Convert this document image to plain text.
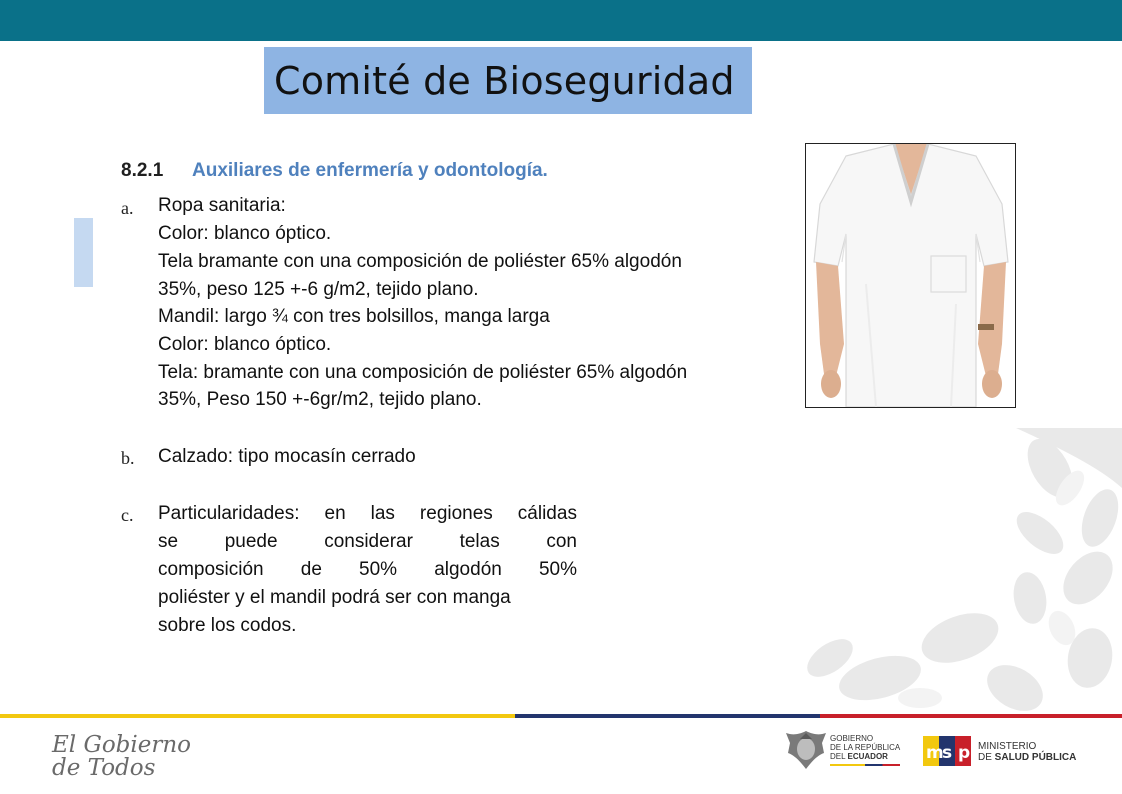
Comité de Bioseguridad
8.2.1 Auxiliares de enfermería y odontología.
a. Ropa sanitaria:
Color: blanco óptico.
Tela bramante con una composición de poliéster 65% algodón
35%, peso 125 +-6 g/m2, tejido plano.
Mandil: largo ¾ con tres bolsillos, manga larga
Color: blanco óptico.
Tela: bramante con una composición de poliéster 65% algodón
35%, Peso 150 +-6gr/m2, tejido plano.
b. Calzado: tipo mocasín cerrado
c. Particularidades: en las regiones cálidas
se puede considerar telas con
composición de 50% algodón 50%
poliéster y el mandil podrá ser con manga
sobre los codos.
El Gobierno
de Todos
GOBIERNO
DE LA REPÚBLICA
DEL ECUADOR	m
s p MINISTERIO
DE SALUD PÚBLICA
